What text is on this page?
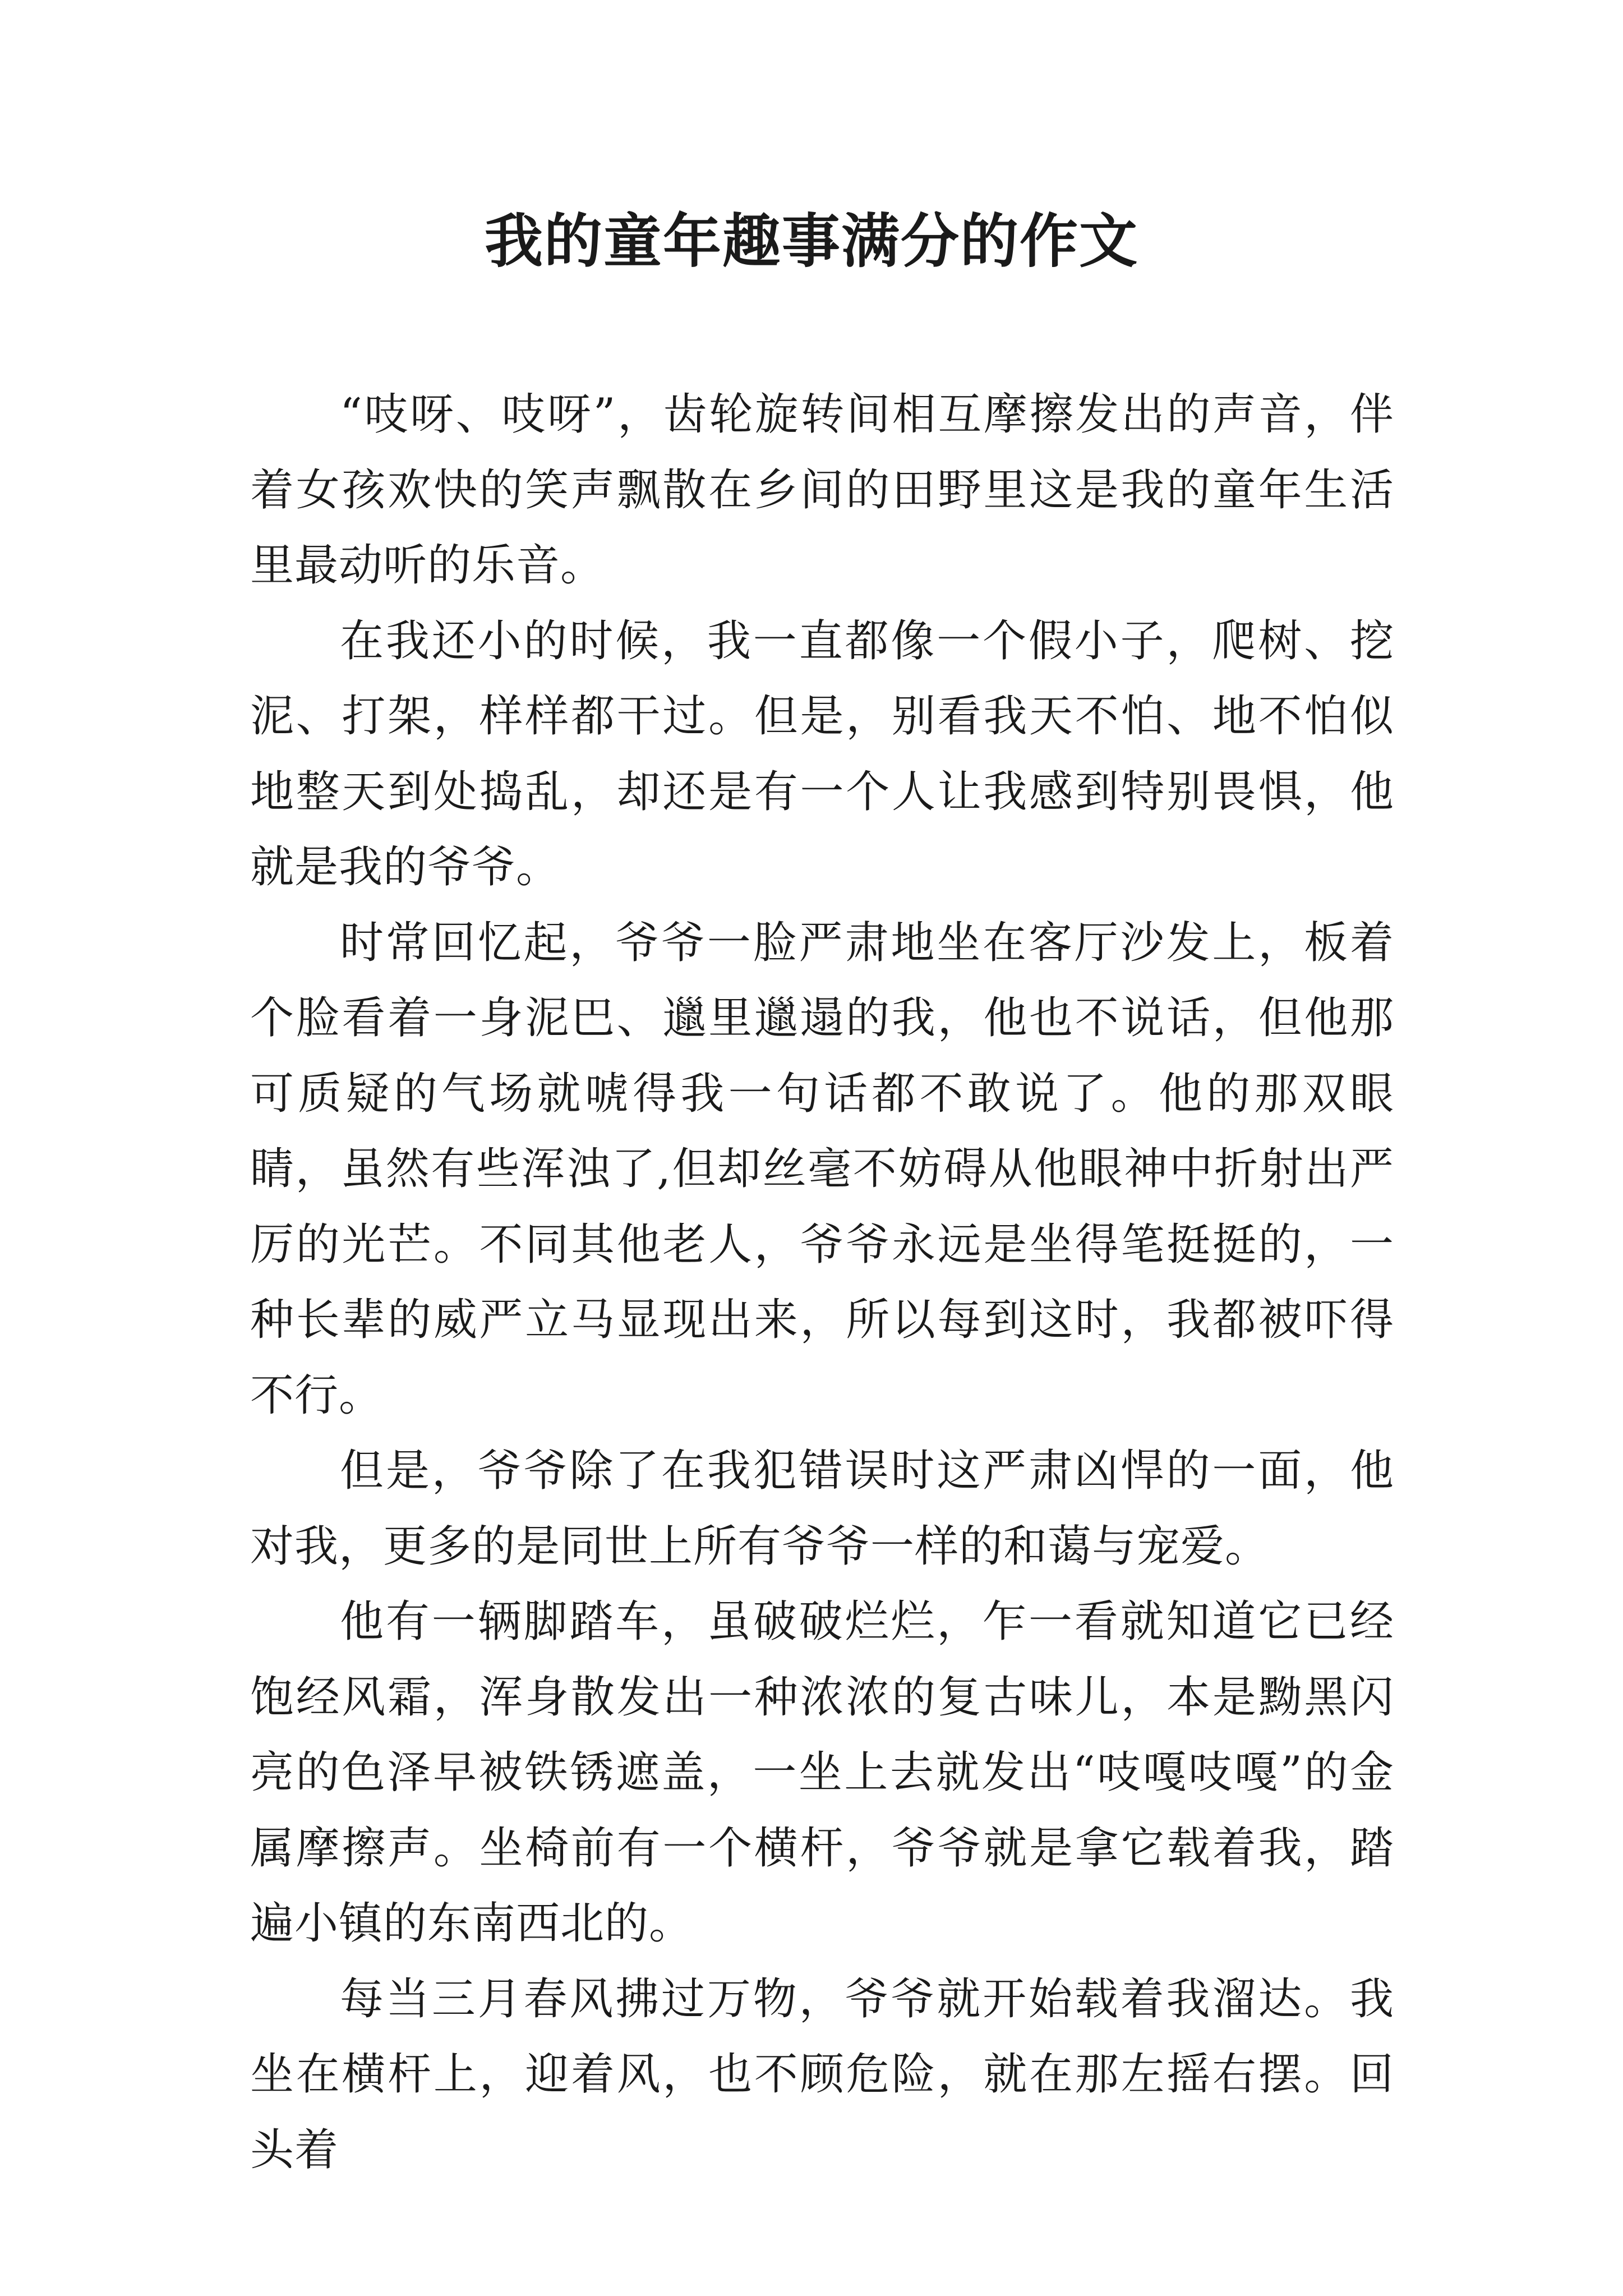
我的童年趣事满分的作文

“吱呀、吱呀”，齿轮旋转间相互摩擦发出的声音，伴着女孩欢快的笑声飘散在乡间的田野里这是我的童年生活里最动听的乐音。

在我还小的时候，我一直都像一个假小子，爬树、挖泥、打架，样样都干过。但是，别看我天不怕、地不怕似地整天到处捣乱，却还是有一个人让我感到特别畏惧，他就是我的爷爷。

时常回忆起，爷爷一脸严肃地坐在客厅沙发上，板着个脸看着一身泥巴、邋里邋遢的我，他也不说话，但他那可质疑的气场就唬得我一句话都不敢说了。他的那双眼睛，虽然有些浑浊了,但却丝毫不妨碍从他眼神中折射出严厉的光芒。不同其他老人，爷爷永远是坐得笔挺挺的，一种长辈的威严立马显现出来，所以每到这时，我都被吓得不行。

但是，爷爷除了在我犯错误时这严肃凶悍的一面，他对我，更多的是同世上所有爷爷一样的和蔼与宠爱。

他有一辆脚踏车，虽破破烂烂，乍一看就知道它已经饱经风霜，浑身散发出一种浓浓的复古味儿，本是黝黑闪亮的色泽早被铁锈遮盖，一坐上去就发出“吱嘎吱嘎”的金属摩擦声。坐椅前有一个横杆，爷爷就是拿它载着我，踏遍小镇的东南西北的。

每当三月春风拂过万物，爷爷就开始载着我溜达。我坐在横杆上，迎着风，也不顾危险，就在那左摇右摆。回头着
